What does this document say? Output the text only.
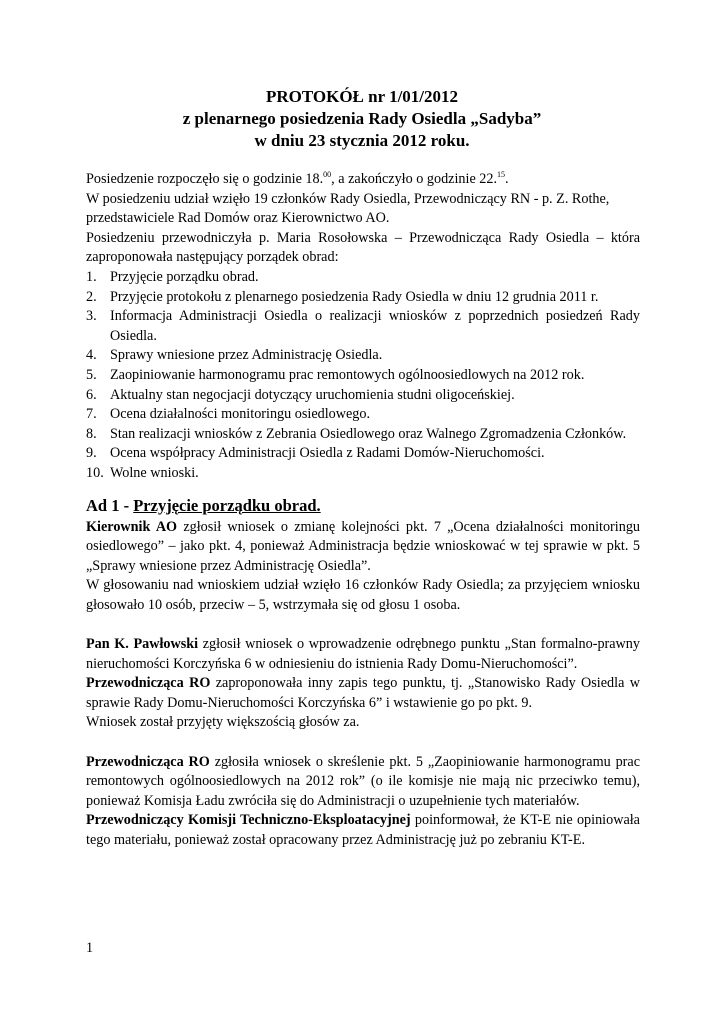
PROTOKÓŁ nr 1/01/2012
z plenarnego posiedzenia Rady Osiedla „Sadyba”
w dniu 23 stycznia 2012 roku.

Posiedzenie rozpoczęło się o godzinie 18.00, a zakończyło o godzinie 22.15.

W posiedzeniu udział wzięło 19 członków Rady Osiedla, Przewodniczący RN - p. Z. Rothe,

przedstawiciele Rad Domów oraz Kierownictwo AO.

Posiedzeniu przewodniczyła p. Maria Rosołowska – Przewodnicząca Rady Osiedla – która

zaproponowała następujący porządek obrad:

1. Przyjęcie porządku obrad.
2. Przyjęcie protokołu z plenarnego posiedzenia Rady Osiedla w dniu 12 grudnia 2011 r.
3. Informacja Administracji Osiedla o realizacji wniosków z poprzednich posiedzeń Rady Osiedla.
4. Sprawy wniesione przez Administrację Osiedla.
5. Zaopiniowanie harmonogramu prac remontowych ogólnoosiedlowych na 2012 rok.
6. Aktualny stan negocjacji dotyczący uruchomienia studni oligoceńskiej.
7. Ocena działalności monitoringu osiedlowego.
8. Stan realizacji wniosków z Zebrania Osiedlowego oraz Walnego Zgromadzenia Członków.
9. Ocena współpracy Administracji Osiedla z Radami Domów-Nieruchomości.
10. Wolne wnioski.
Ad 1 - Przyjęcie porządku obrad.

Kierownik AO zgłosił wniosek o zmianę kolejności pkt. 7 „Ocena działalności monitoringu osiedlowego” – jako pkt. 4, ponieważ Administracja będzie wnioskować w tej sprawie w pkt. 5 „Sprawy wniesione przez Administrację Osiedla”.

W głosowaniu nad wnioskiem udział wzięło 16 członków Rady Osiedla; za przyjęciem wniosku głosowało 10 osób, przeciw – 5, wstrzymała się od głosu 1 osoba.

Pan K. Pawłowski zgłosił wniosek o wprowadzenie odrębnego punktu „Stan formalno-prawny nieruchomości Korczyńska 6 w odniesieniu do istnienia Rady Domu-Nieruchomości”.

Przewodnicząca RO zaproponowała inny zapis tego punktu, tj. „Stanowisko Rady Osiedla w sprawie Rady Domu-Nieruchomości Korczyńska 6” i wstawienie go po pkt. 9.

Wniosek został przyjęty większością głosów za.

Przewodnicząca RO zgłosiła wniosek o skreślenie pkt. 5 „Zaopiniowanie harmonogramu prac remontowych ogólnoosiedlowych na 2012 rok” (o ile komisje nie mają nic przeciwko temu), ponieważ Komisja Ładu zwróciła się do Administracji o uzupełnienie tych materiałów.

Przewodniczący Komisji Techniczno-Eksploatacyjnej poinformował, że KT-E nie opiniowała tego materiału, ponieważ został opracowany przez Administrację już po zebraniu KT-E.

1
